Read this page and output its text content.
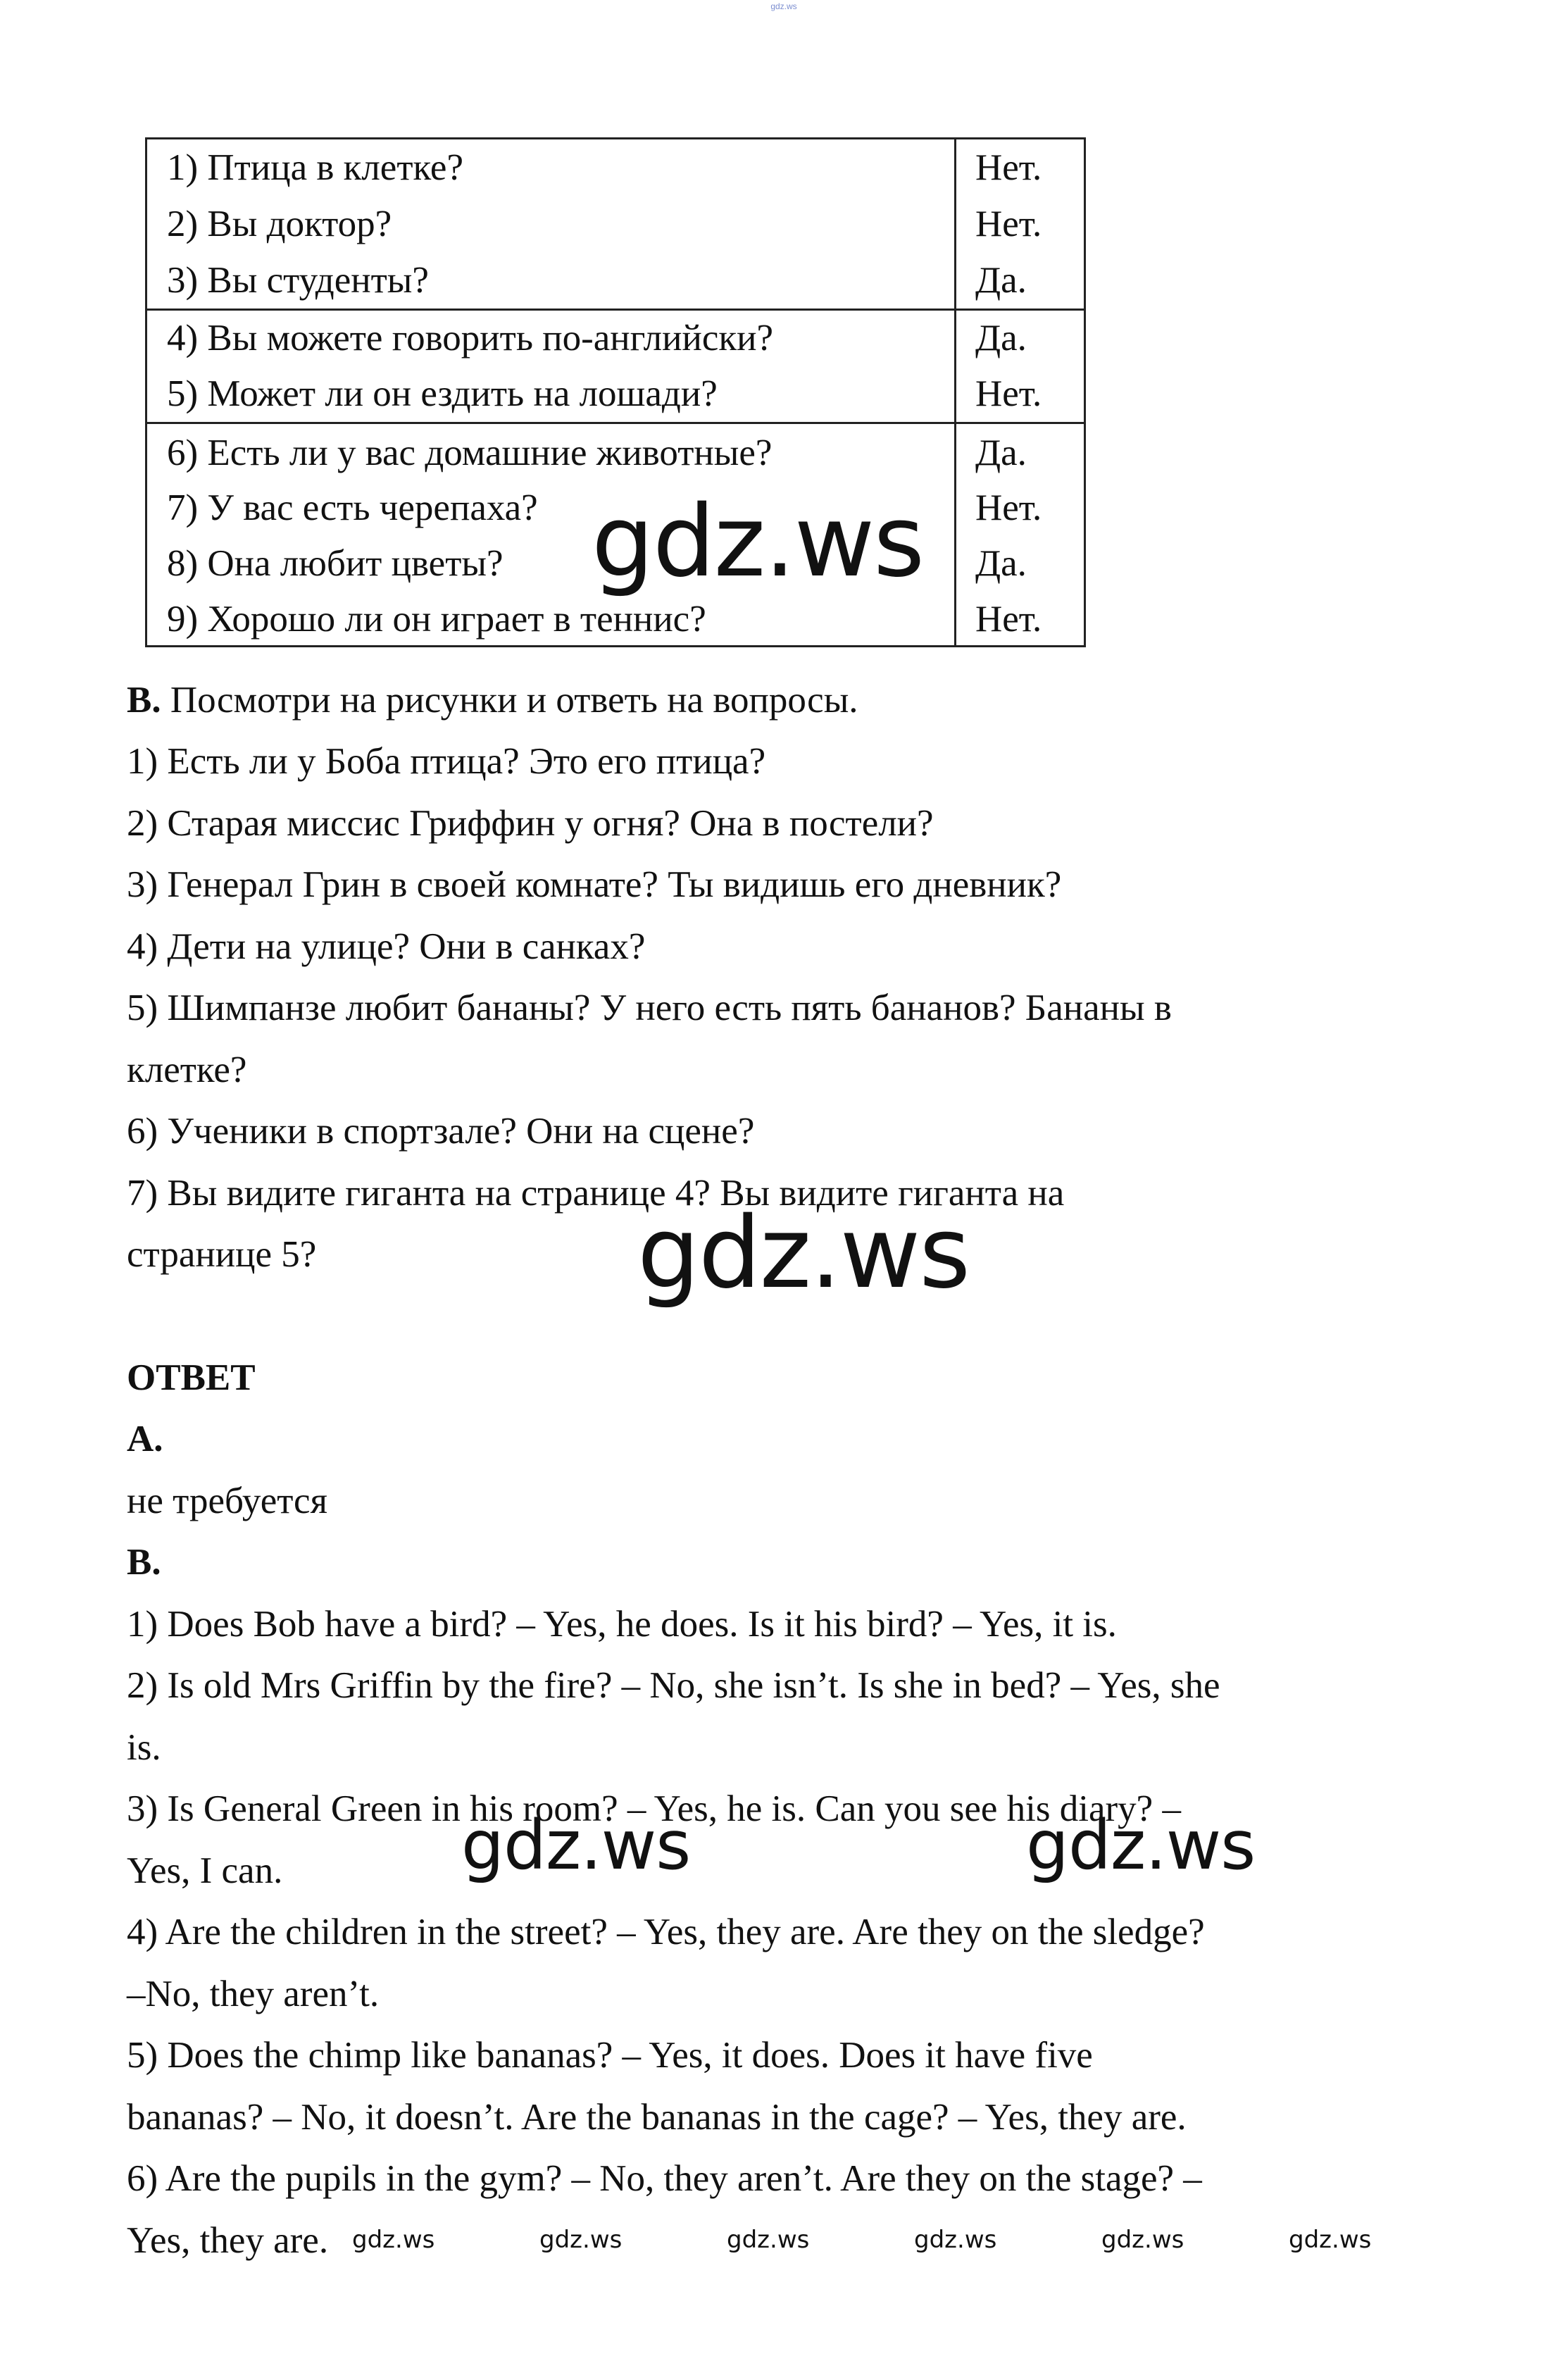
gdz.ws
1) Птица в клетке?	Нет.
2) Вы доктор?	Нет.
3) Вы студенты?	Да.
4) Вы можете говорить по-английски?	Да.
5) Может ли он ездить на лошади?	Нет.
6) Есть ли у вас домашние животные?	Да.
7) У вас есть черепаха?	Нет.
8) Она любит цветы?	Да.
9) Хорошо ли он играет в теннис?	Нет.
gdz.ws
B. Посмотри на рисунки и ответь на вопросы.
1) Есть ли у Боба птица? Это его птица?
2) Старая миссис Гриффин у огня? Она в постели?
3) Генерал Грин в своей комнате? Ты видишь его дневник?
4) Дети на улице? Они в санках?
5) Шимпанзе любит бананы? У него есть пять бананов? Бананы в
клетке?
6) Ученики в спортзале? Они на сцене?
7) Вы видите гиганта на странице 4? Вы видите гиганта на
странице 5?	gdz.ws
ОТВЕТ
А.
не требуется
B.
1) Does Bob have a bird? – Yes, he does. Is it his bird? – Yes, it is.
2) Is old Mrs Griffin by the fire? – No, she isn’t. Is she in bed? – Yes, she
is.
3) Is General Green in his room? – Yes, he is. Can you see his diary? –
Yes, I can.
4) Are the children in the street? – Yes, they are. Are they on the sledge?
–No, they aren’t.
5) Does the chimp like bananas? – Yes, it does. Does it have five
bananas? – No, it doesn’t. Are the bananas in the cage? – Yes, they are.
6) Are the pupils in the gym? – No, they aren’t. Are they on the stage? –
Yes, they are.
gdz.ws	gdz.ws
gdz.ws	gdz.ws	gdz.ws	gdz.ws	gdz.ws	gdz.ws
